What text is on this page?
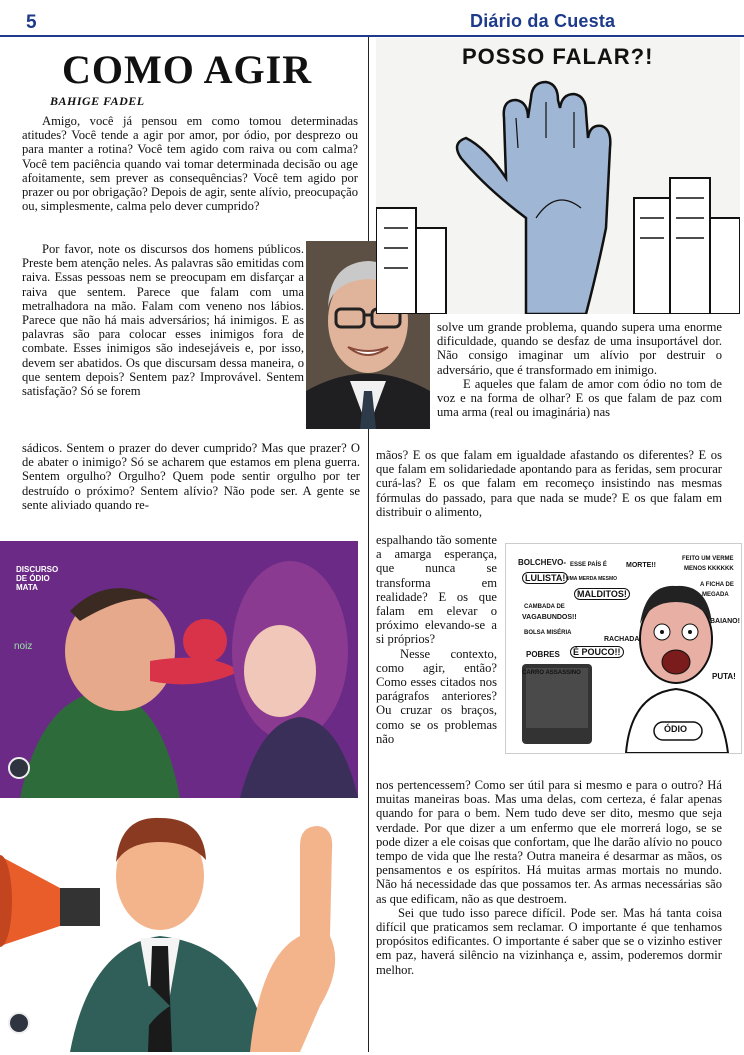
5	Diário da Cuesta
COMO AGIR
BAHIGE FADEL

Amigo, você já pensou em como tomou determinadas atitudes? Você tende a agir por amor, por ódio, por desprezo ou para manter a rotina? Você tem agido com raiva ou com calma? Você tem paciência quando vai tomar determinada decisão ou age afoitamente, sem prever as consequências? Você tem agido por prazer ou por obrigação? Depois de agir, sente alívio, preocupação ou, simplesmente, calma pelo dever cumprido?

Por favor, note os discursos dos homens públicos. Preste bem atenção neles. As palavras são emitidas com raiva. Essas pessoas nem se preocupam em disfarçar a raiva que sentem. Parece que falam com uma metralhadora na mão. Falam com veneno nos lábios. Parece que não há mais adversários; há inimigos. E as palavras são para colocar esses inimigos fora de combate. Esses inimigos são indesejáveis e, por isso, devem ser abatidos. Os que discursam dessa maneira, o que sentem depois? Sentem paz? Improvável. Sentem satisfação? Só se forem

sádicos. Sentem o prazer do dever cumprido? Mas que prazer? O de abater o inimigo? Só se acharem que estamos em plena guerra. Sentem orgulho? Orgulho? Quem pode sentir orgulho por ter destruído o próximo? Sentem alívio? Não pode ser. A gente se sente aliviado quando re-

POSSO FALAR?!

solve um grande problema, quando supera uma enorme dificuldade, quando se desfaz de uma insuportável dor. Não consigo imaginar um alívio por destruir o adversário, que é transformado em inimigo.

E aqueles que falam de amor com ódio no tom de voz e na forma de olhar? E os que falam de paz com uma arma (real ou imaginária) nas

mãos? E os que falam em igualdade afastando os diferentes? E os que falam em solidariedade apontando para as feridas, sem procurar curá-las? E os que falam em recomeço insistindo nas mesmas fórmulas do passado, para que nada se mude? E os que falam em distribuir o alimento,

espalhando tão somente a amarga esperança, que nunca se transforma em realidade? E os que falam em elevar o próximo elevando-se a si próprios?

Nesse contexto, como agir, então? Como esses citados nos parágrafos anteriores? Ou cruzar os braços, como se os problemas não

BOLCHEVO-
LULISTA!
ESSE PAÍS É	MORTE!!
FEITO UM VERME
MENOS KKKKKK
UMA MERDA MESMO
MALDITOS!
CAMBADA DE
VAGABUNDOS!!
BOLSA MISÉRIA
BAIANO!
RACHADA
POBRES	É POUCO!!
CARRO ASSASSINO	PUTA!
A FICHA DE
MEGADA
ÓDIO

nos pertencessem? Como ser útil para si mesmo e para o outro? Há muitas maneiras boas. Mas uma delas, com certeza, é falar apenas quando for para o bem. Nem tudo deve ser dito, mesmo que seja verdade. Por que dizer a um enfermo que ele morrerá logo, se se pode dizer a ele coisas que confortam, que lhe darão alívio no pouco tempo de vida que lhe resta? Outra maneira é desarmar as mãos, os pensamentos e os espíritos. Há muitas armas mortais no mundo. Não há necessidade das que possamos ter. As armas necessárias são as que edificam, não as que destroem.

Sei que tudo isso parece difícil. Pode ser. Mas há tanta coisa difícil que praticamos sem reclamar. O importante é que tenhamos propósitos edificantes. O importante é saber que se o vizinho estiver em paz, haverá silêncio na vizinhança e, assim, poderemos dormir melhor.

DISCURSO
DE ÓDIO
MATA
noiz
